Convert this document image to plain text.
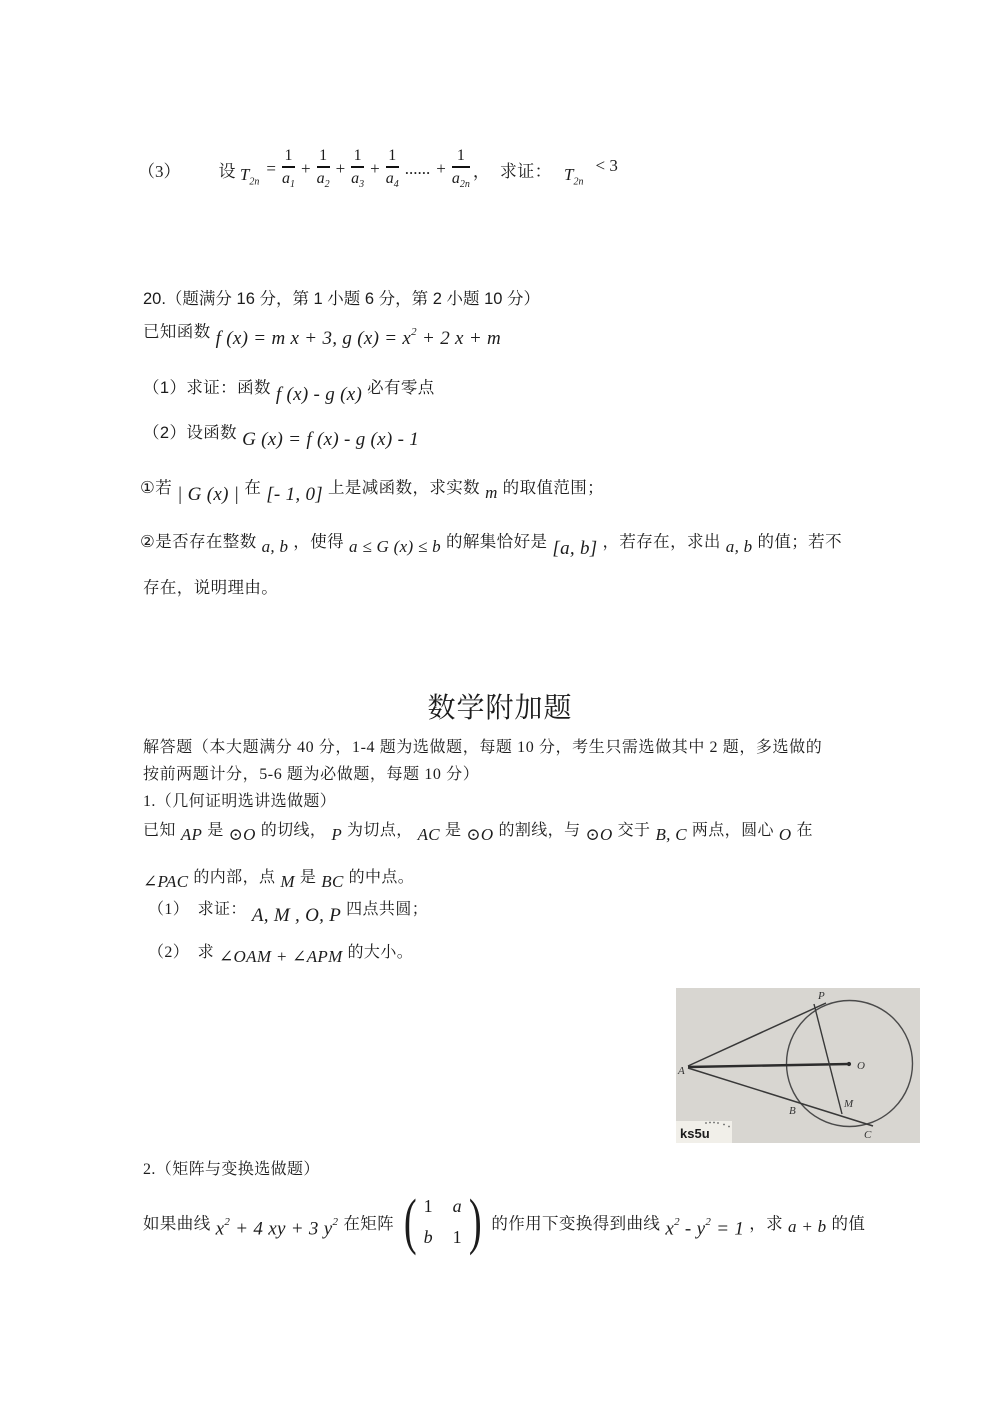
（3） 设 $T_{2n}$
= $\frac{1}{a_1} + \frac{1}{a_2} + \frac{1}{a_3} + \frac{1}{a_4}$ ...... + $\frac{1}{a_{2n}}$ ， 求证： $T_{2n}$
< 3
20.（题满分 16 分，第 1 小题 6 分，第 2 小题 10 分）
已知函数 f (x) = m x + 3, g $(x) = x^2 + 2$ x + m
（1）求证：函数 f (x) - g (x) 必有零点
（2）设函数 G (x) = f (x) - g (x) - 1
①若 | G (x) | 在 [- 1, 0] 上是减函数，求实数 m 的取值范围；
②是否存在整数 a, b ，使得 a ≤ G (x) ≤ b 的解集恰好是 [a, b] ，若存在，求出 a, b 的值；若不
存在，说明理由。
数学附加题
解答题（本大题满分 40 分，1-4 题为选做题，每题 10 分，考生只需选做其中 2 题，多选做的
按前两题计分，5-6 题为必做题，每题 10 分）
1.（几何证明选讲选做题）
已知 AP 是 ⊙O 的切线， P 为切点， AC 是 ⊙O 的割线，与 ⊙O 交于 B, C 两点，圆心 O 在
∠PAC 的内部，点 M 是 BC 的中点。
（1）　求证： A, M , O, P 四点共圆；
（2）　求 ∠OAM + ∠APM 的大小。
A
P
O
B
M
C
ks5u
2.（矩阵与变换选做题）
如果曲线 $x^2 + 4$ xy + 3 $y^2$ 在矩阵 ( 1 a
b 1 ) 的作用下变换得到曲线 $x^2 - y^2 = 1$ ，求 a + b 的值
